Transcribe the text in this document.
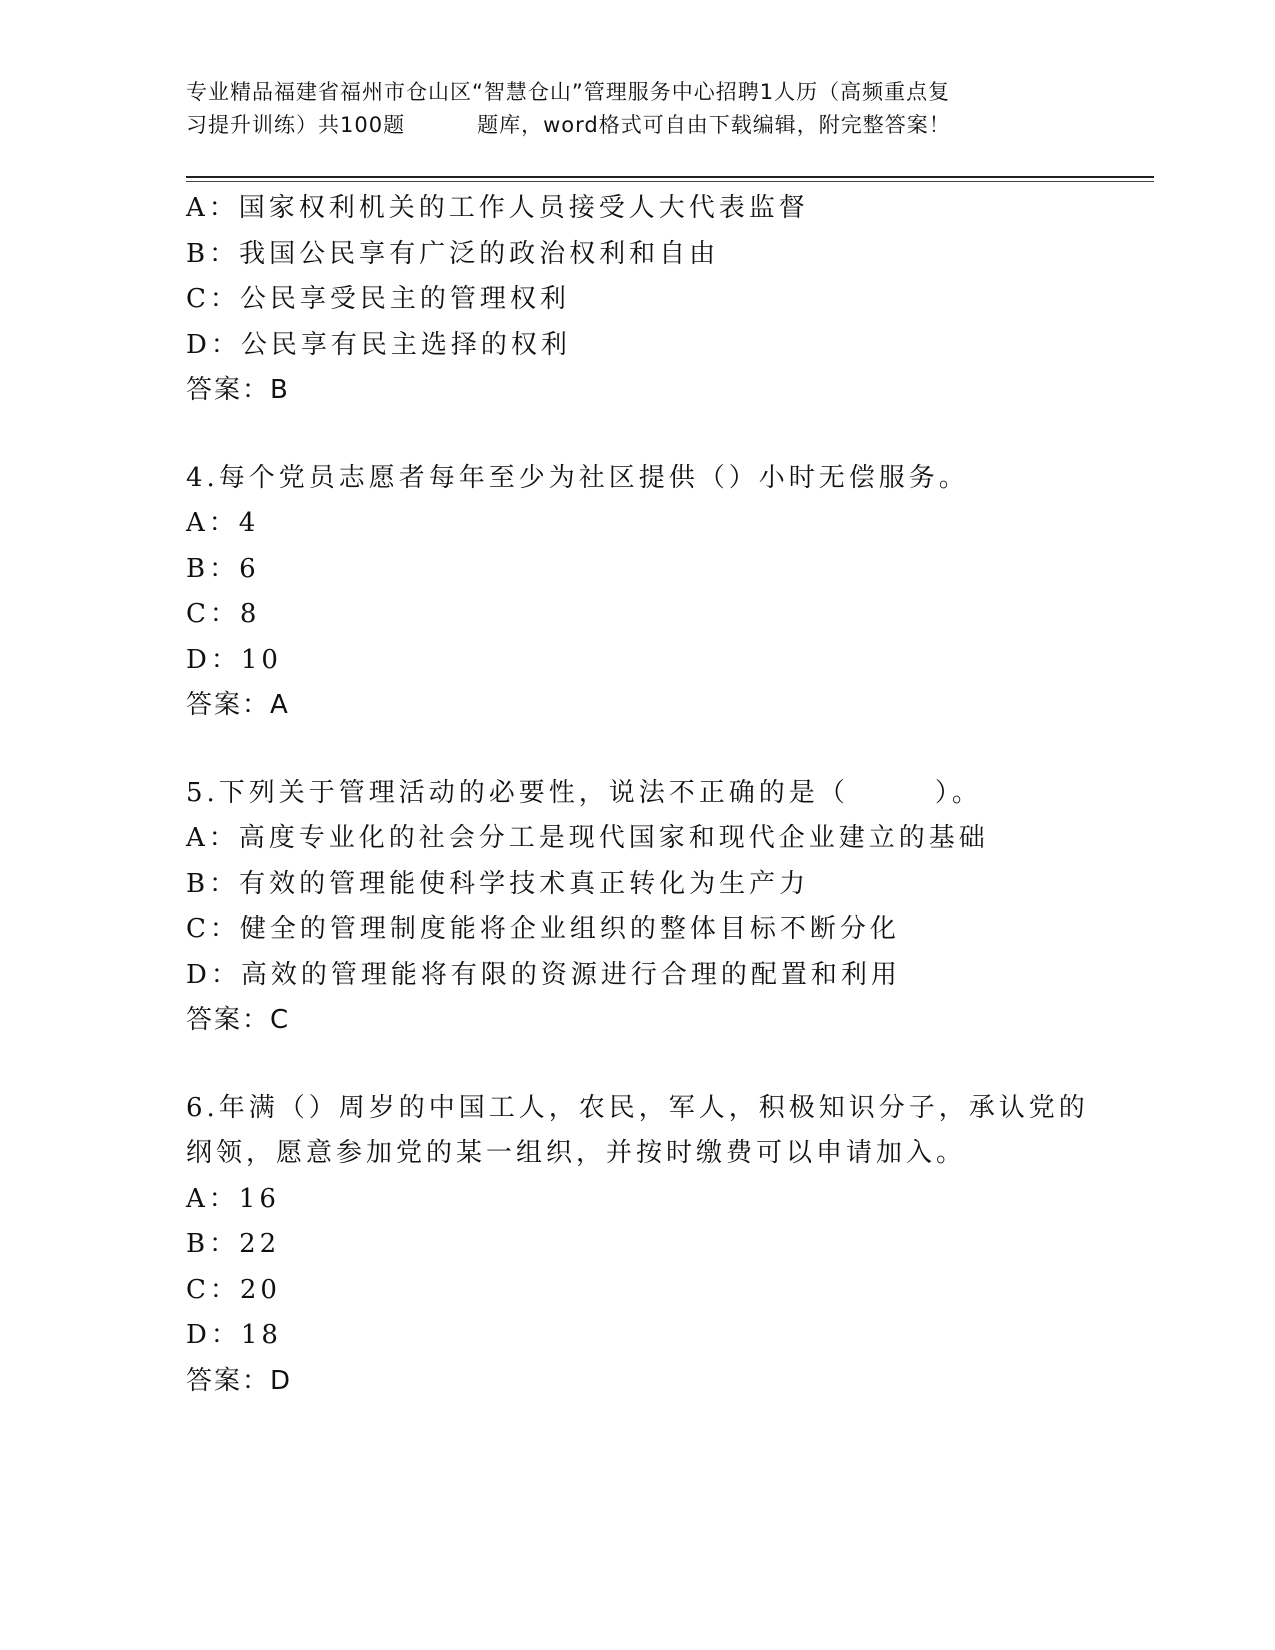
专业精品福建省福州市仓山区“智慧仓山”管理服务中心招聘1人历（高频重点复
习提升训练）共100题	题库，word格式可自由下载编辑，附完整答案！
A：国家权利机关的工作人员接受人大代表监督
B：我国公民享有广泛的政治权利和自由
C：公民享受民主的管理权利
D：公民享有民主选择的权利
答案：B
4.每个党员志愿者每年至少为社区提供（）小时无偿服务。
A：4
B：6
C：8
D：10
答案：A
5.下列关于管理活动的必要性，说法不正确的是（	）。
A：高度专业化的社会分工是现代国家和现代企业建立的基础
B：有效的管理能使科学技术真正转化为生产力
C：健全的管理制度能将企业组织的整体目标不断分化
D：高效的管理能将有限的资源进行合理的配置和利用
答案：C
6.年满（）周岁的中国工人，农民，军人，积极知识分子，承认党的
纲领，愿意参加党的某一组织，并按时缴费可以申请加入。
A：16
B：22
C：20
D：18
答案：D
